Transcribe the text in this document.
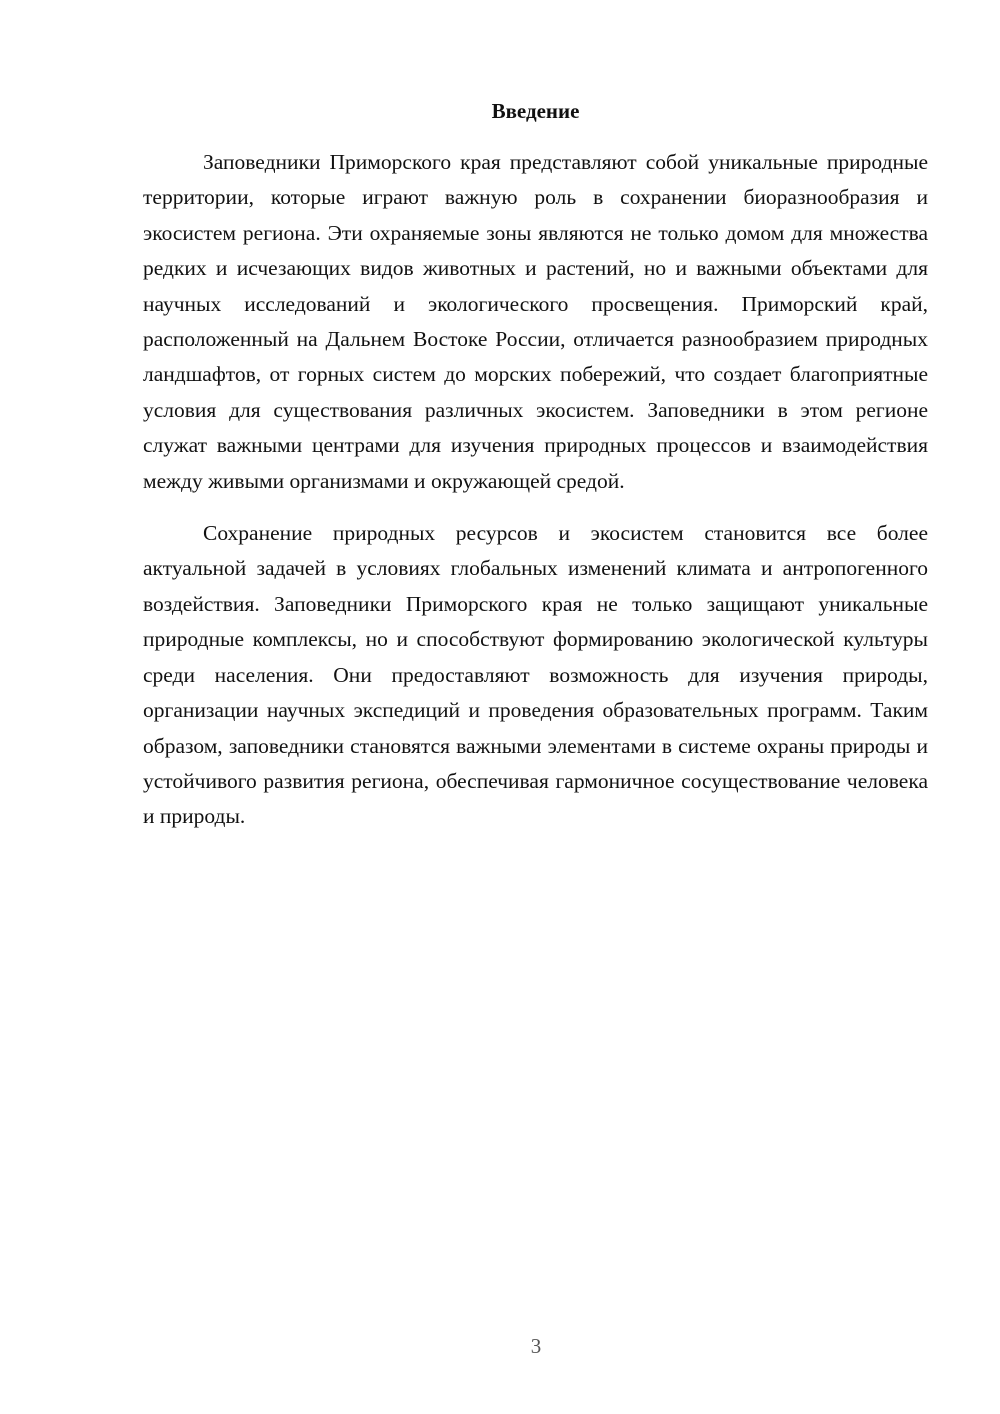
Введение

Заповедники Приморского края представляют собой уникальные природные территории, которые играют важную роль в сохранении биоразнообразия и экосистем региона. Эти охраняемые зоны являются не только домом для множества редких и исчезающих видов животных и растений, но и важными объектами для научных исследований и экологического просвещения. Приморский край, расположенный на Дальнем Востоке России, отличается разнообразием природных ландшафтов, от горных систем до морских побережий, что создает благоприятные условия для существования различных экосистем. Заповедники в этом регионе служат важными центрами для изучения природных процессов и взаимодействия между живыми организмами и окружающей средой.

Сохранение природных ресурсов и экосистем становится все более актуальной задачей в условиях глобальных изменений климата и антропогенного воздействия. Заповедники Приморского края не только защищают уникальные природные комплексы, но и способствуют формированию экологической культуры среди населения. Они предоставляют возможность для изучения природы, организации научных экспедиций и проведения образовательных программ. Таким образом, заповедники становятся важными элементами в системе охраны природы и устойчивого развития региона, обеспечивая гармоничное сосуществование человека и природы.

3
